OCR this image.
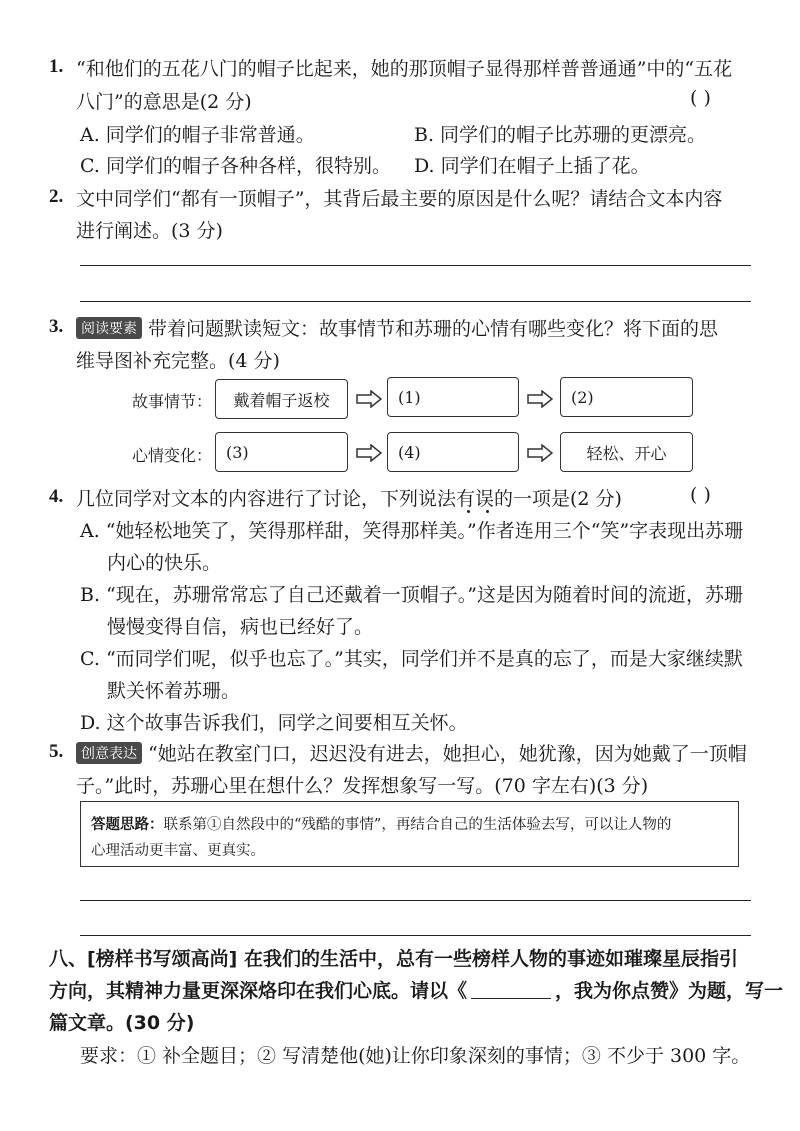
1. “和他们的五花八门的帽子比起来，她的那顶帽子显得那样普普通通”中的“五花
八门”的意思是(2 分)	( )
A. 同学们的帽子非常普通。	B. 同学们的帽子比苏珊的更漂亮。
C. 同学们的帽子各种各样，很特别。 D. 同学们在帽子上插了花。
2. 文中同学们“都有一顶帽子”，其背后最主要的原因是什么呢？请结合文本内容
进行阐述。(3 分)
3.	阅读要素 带着问题默读短文：故事情节和苏珊的心情有哪些变化？将下面的思
维导图补充完整。(4 分)
故事情节：	戴着帽子返校	(1)	(2)
心情变化： (3)	(4)	轻松、开心
4. 几位同学对文本的内容进行了讨论，下列说法有误的一项是(2 分)	( )
A. “她轻松地笑了，笑得那样甜，笑得那样美。”作者连用三个“笑”字表现出苏珊
内心的快乐。
B. “现在，苏珊常常忘了自己还戴着一顶帽子。”这是因为随着时间的流逝，苏珊
慢慢变得自信，病也已经好了。
C. “而同学们呢，似乎也忘了。”其实，同学们并不是真的忘了，而是大家继续默
默关怀着苏珊。
D. 这个故事告诉我们，同学之间要相互关怀。
5.	创意表达 “她站在教室门口，迟迟没有进去，她担心，她犹豫，因为她戴了一顶帽
子。”此时，苏珊心里在想什么？发挥想象写一写。(70 字左右)(3 分)
答题思路：联系第①自然段中的“残酷的事情”，再结合自己的生活体验去写，可以让人物的
心理活动更丰富、更真实。
八、[榜样书写颂高尚] 在我们的生活中，总有一些榜样人物的事迹如璀璨星辰指引
方向，其精神力量更深深烙印在我们心底。请以《	，我为你点赞》为题，写一
篇文章。(30 分)
要求：① 补全题目；② 写清楚他(她)让你印象深刻的事情；③ 不少于 300 字。
